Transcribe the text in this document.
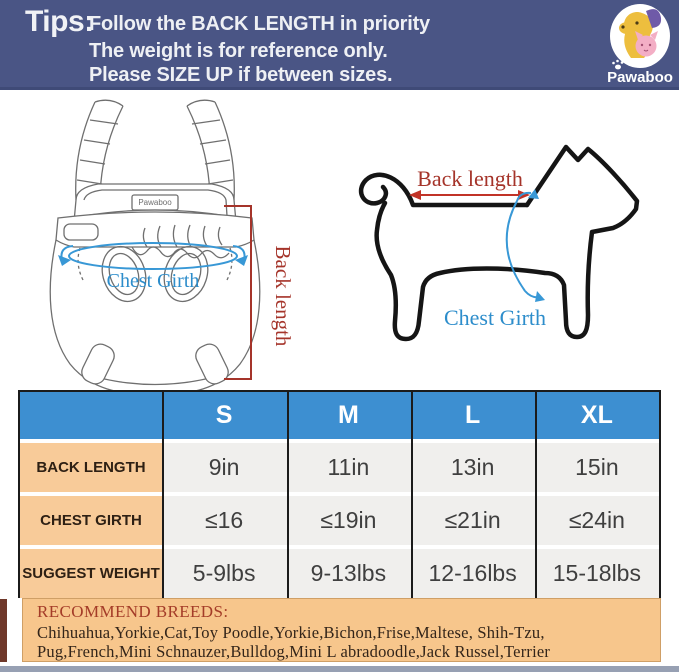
Tips:
Follow the BACK LENGTH in priority
The weight is for reference only.
Please SIZE UP if between sizes.	Pawaboo
Pawaboo
Chest Girth	Back length
Back length
Chest Girth
S	M	L	XL
BACK LENGTH	9in	11in	13in	15in
CHEST GIRTH	≤16	≤19in	≤21in	≤24in
SUGGEST WEIGHT	5-9lbs	9-13lbs	12-16lbs	15-18lbs
RECOMMEND BREEDS:
Chihuahua,Yorkie,Cat,Toy Poodle,Yorkie,Bichon,Frise,Maltese, Shih-Tzu,
Pug,French,Mini Schnauzer,Bulldog,Mini L abradoodle,Jack Russel,Terrier
